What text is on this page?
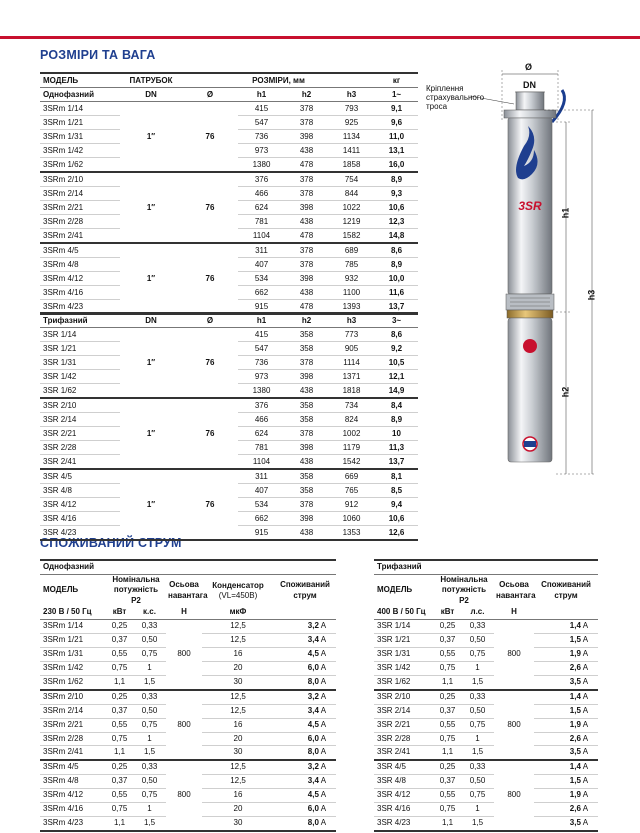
РОЗМІРИ ТА ВАГА
СПОЖИВАНИЙ СТРУМ
МОДЕЛЬ	ПАТРУБОК	РОЗМІРИ, мм				кг
Однофазний	DN	Ø	h1	h2	h3	1~
3SRm 1/14	1″	76	415	378	793	9,1
3SRm 1/21			547	378	925	9,6
3SRm 1/31			736	398	1134	11,0
3SRm 1/42			973	438	1411	13,1
3SRm 1/62			1380	478	1858	16,0
3SRm 2/10	1″	76	376	378	754	8,9
3SRm 2/14			466	378	844	9,3
3SRm 2/21			624	398	1022	10,6
3SRm 2/28			781	438	1219	12,3
3SRm 2/41			1104	478	1582	14,8
3SRm 4/5	1″	76	311	378	689	8,6
3SRm 4/8			407	378	785	8,9
3SRm 4/12			534	398	932	10,0
3SRm 4/16			662	438	1100	11,6
3SRm 4/23			915	478	1393	13,7
Трифазний	DN	Ø	h1	h2	h3	3~
3SR 1/14	1″	76	415	358	773	8,6
3SR 1/21			547	358	905	9,2
3SR 1/31			736	378	1114	10,5
3SR 1/42			973	398	1371	12,1
3SR 1/62			1380	438	1818	14,9
3SR 2/10	1″	76	376	358	734	8,4
3SR 2/14			466	358	824	8,9
3SR 2/21			624	378	1002	10
3SR 2/28			781	398	1179	11,3
3SR 2/41			1104	438	1542	13,7
3SR 4/5	1″	76	311	358	669	8,1
3SR 4/8			407	358	765	8,5
3SR 4/12			534	378	912	9,4
3SR 4/16			662	398	1060	10,6
3SR 4/23			915	438	1353	12,6
Однофазний					
МОДЕЛЬ	Номінальна потужність P2		Осьова навантага	Конденсатор
(VL=450B)	Споживаний струм
230 В / 50 Гц	кВт	к.с.	Н	мкФ	
3SRm 1/14	0,25	0,33	800	12,5	3,2 A
3SRm 1/21	0,37	0,50		12,5	3,4 A
3SRm 1/31	0,55	0,75		16	4,5 A
3SRm 1/42	0,75	1		20	6,0 A
3SRm 1/62	1,1	1,5		30	8,0 A
3SRm 2/10	0,25	0,33	800	12,5	3,2 A
3SRm 2/14	0,37	0,50		12,5	3,4 A
3SRm 2/21	0,55	0,75		16	4,5 A
3SRm 2/28	0,75	1		20	6,0 A
3SRm 2/41	1,1	1,5		30	8,0 A
3SRm 4/5	0,25	0,33	800	12,5	3,2 A
3SRm 4/8	0,37	0,50		12,5	3,4 A
3SRm 4/12	0,55	0,75		16	4,5 A
3SRm 4/16	0,75	1		20	6,0 A
3SRm 4/23	1,1	1,5		30	8,0 A
Трифазний				
МОДЕЛЬ	Номінальна потужність P2		Осьова навантага	Споживаний струм
400 В / 50 Гц	кВт	л.с.	Н	
3SR 1/14	0,25	0,33	800	1,4 A
3SR 1/21	0,37	0,50		1,5 A
3SR 1/31	0,55	0,75		1,9 A
3SR 1/42	0,75	1		2,6 A
3SR 1/62	1,1	1,5		3,5 A
3SR 2/10	0,25	0,33	800	1,4 A
3SR 2/14	0,37	0,50		1,5 A
3SR 2/21	0,55	0,75		1,9 A
3SR 2/28	0,75	1		2,6 A
3SR 2/41	1,1	1,5		3,5 A
3SR 4/5	0,25	0,33	800	1,4 A
3SR 4/8	0,37	0,50		1,5 A
3SR 4/12	0,55	0,75		1,9 A
3SR 4/16	0,75	1		2,6 A
3SR 4/23	1,1	1,5		3,5 A
3SR
Кріплення страхувального троса
Ø
DN
h1
h2
h3
